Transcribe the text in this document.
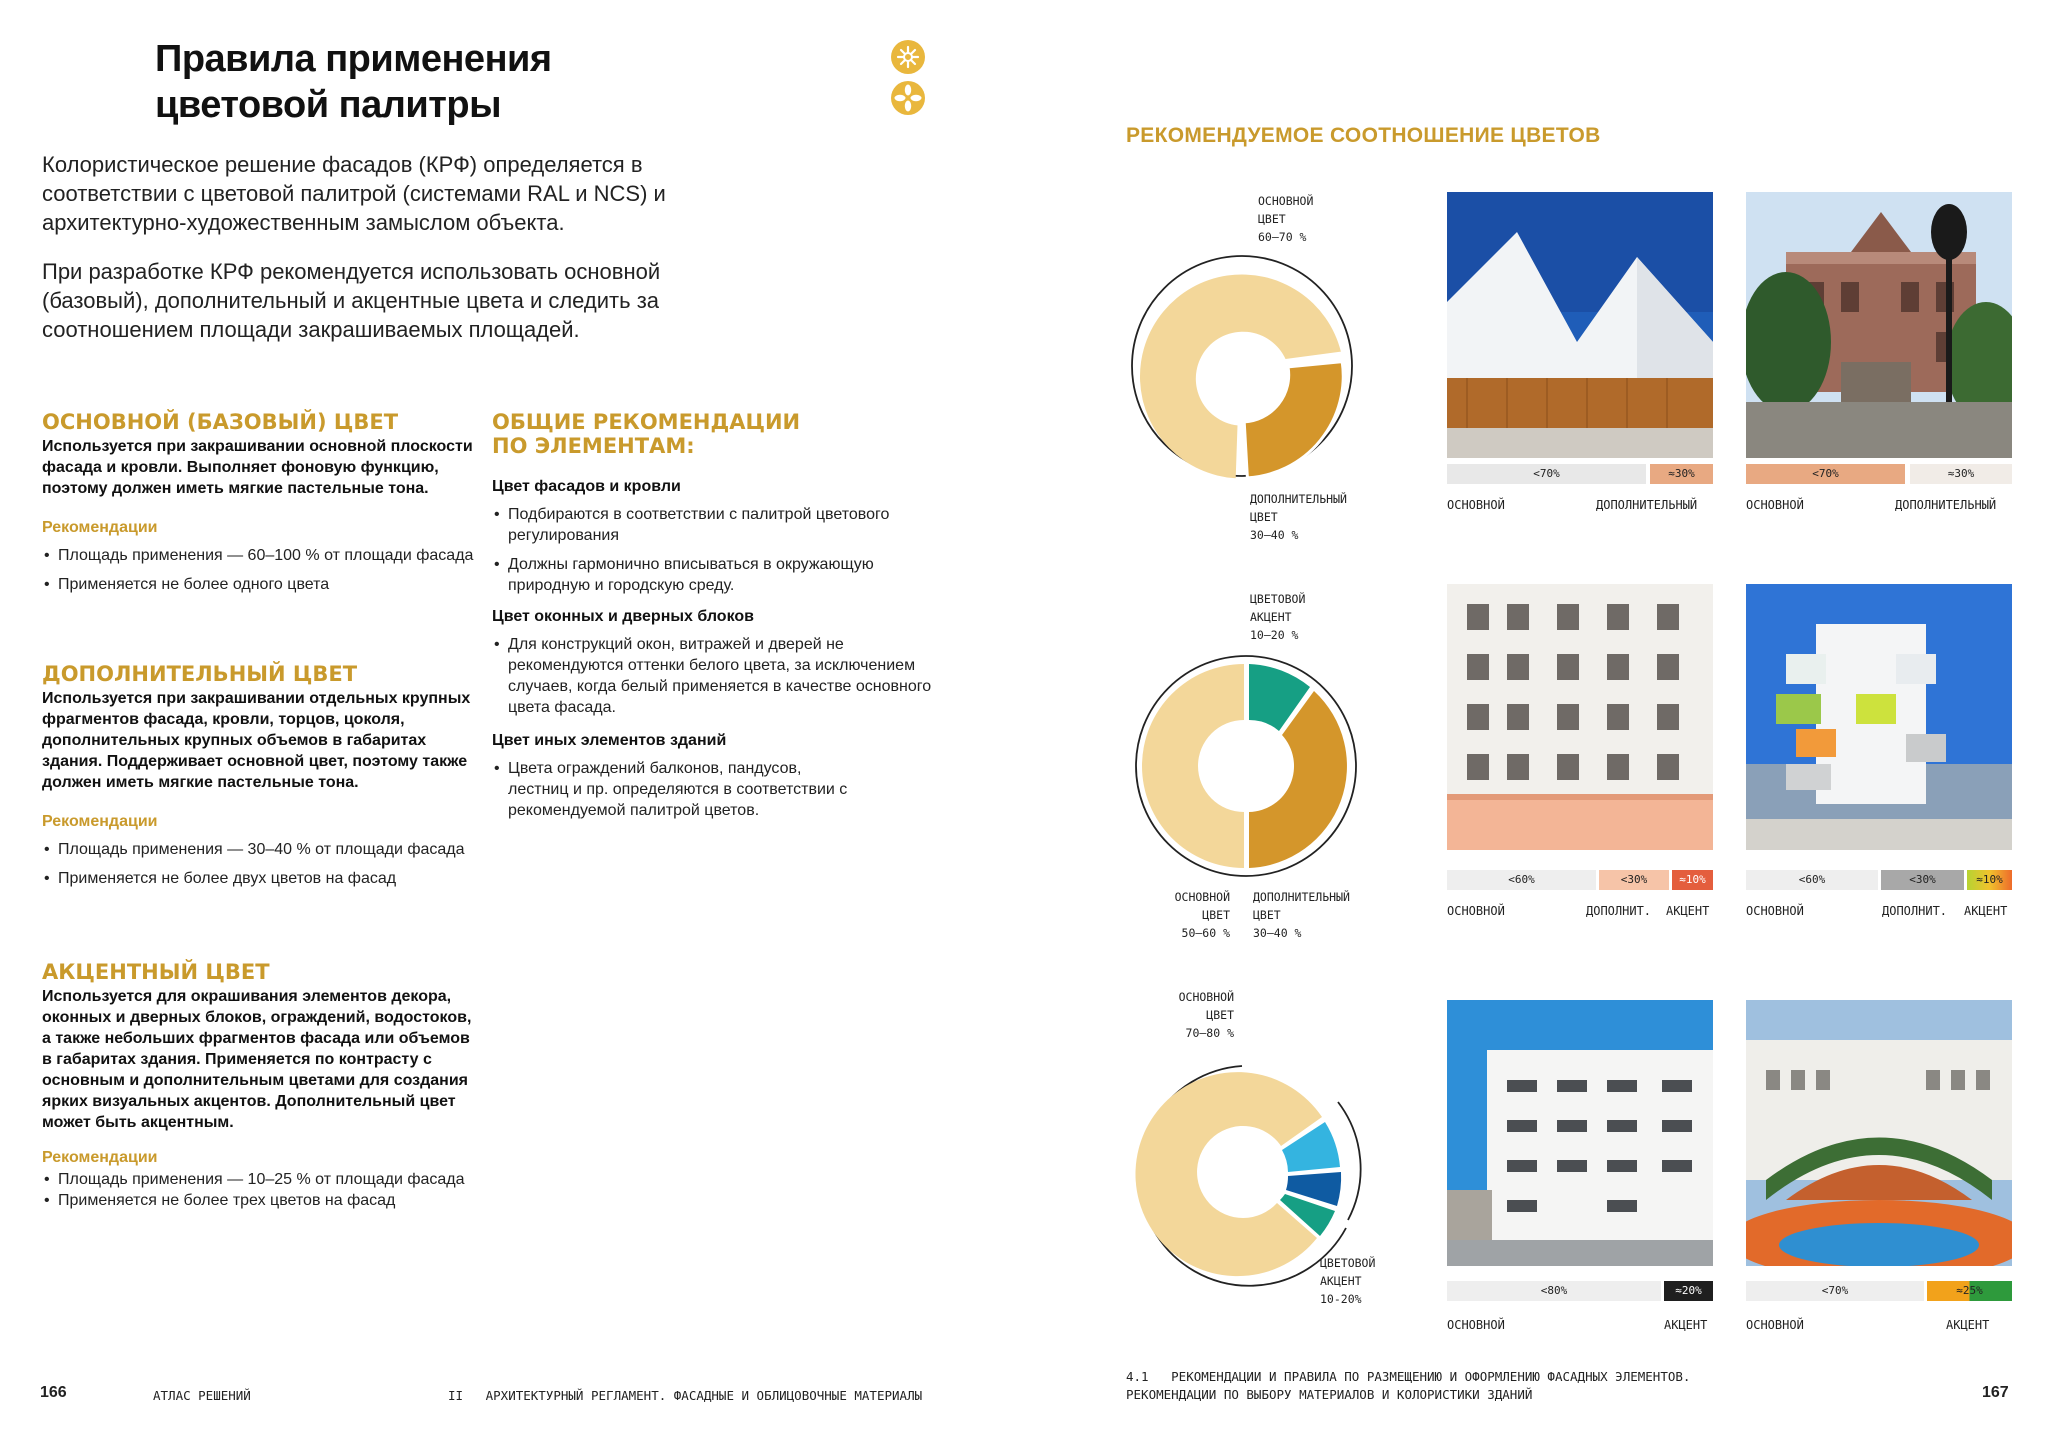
Правила применения
цветовой палитры
Колористическое решение фасадов (КРФ) определяется в соответствии с цветовой палитрой (системами RAL и NCS) и архитектурно-художественным замыслом объекта.
При разработке КРФ рекомендуется использовать основной (базовый), дополнительный и акцентные цвета и следить за соотношением площади закрашиваемых площадей.
ОСНОВНОЙ (БАЗОВЫЙ) ЦВЕТ
Используется при закрашивании основной плоскости фасада и кровли. Выполняет фоновую функцию, поэтому должен иметь мягкие пастельные тона.
Рекомендации
• Площадь применения — 60–100 % от площади фасада
• Применяется не более одного цвета
ДОПОЛНИТЕЛЬНЫЙ ЦВЕТ
Используется при закрашивании отдельных крупных фрагментов фасада, кровли, торцов, цоколя, дополнительных крупных объемов в габаритах здания. Поддерживает основной цвет, поэтому также должен иметь мягкие пастельные тона.
Рекомендации
• Площадь применения — 30–40 % от площади фасада
• Применяется не более двух цветов на фасад
АКЦЕНТНЫЙ ЦВЕТ
Используется для окрашивания элементов декора, оконных и дверных блоков, ограждений, водостоков, а также небольших фрагментов фасада или объемов в габаритах здания. Применяется по контрасту с основным и дополнительным цветами для создания ярких визуальных акцентов. Дополнительный цвет может быть акцентным.
Рекомендации
• Площадь применения — 10–25 % от площади фасада
• Применяется не более трех цветов на фасад
ОБЩИЕ РЕКОМЕНДАЦИИ
ПО ЭЛЕМЕНТАМ:
Цвет фасадов и кровли
• Подбираются в соответствии с палитрой цветового регулирования
• Должны гармонично вписываться в окружающую природную и городскую среду.
Цвет оконных и дверных блоков
• Для конструкций окон, витражей и дверей не рекомендуются оттенки белого цвета, за исключением случаев, когда белый применяется в качестве основного цвета фасада.
Цвет иных элементов зданий
• Цвета ограждений балконов, пандусов, лестниц и пр. определяются в соответствии с рекомендуемой палитрой цветов.
166	АТЛАС РЕШЕНИЙ	II   АРХИТЕКТУРНЫЙ РЕГЛАМЕНТ. ФАСАДНЫЕ И ОБЛИЦОВОЧНЫЕ МАТЕРИАЛЫ
РЕКОМЕНДУЕМОЕ СООТНОШЕНИЕ ЦВЕТОВ
ОСНОВНОЙ
ЦВЕТ
60–70 %
ДОПОЛНИТЕЛЬНЫЙ
ЦВЕТ
30–40 %
ЦВЕТОВОЙ
АКЦЕНТ
10–20 %
ОСНОВНОЙ
ЦВЕТ
50–60 %
ДОПОЛНИТЕЛЬНЫЙ
ЦВЕТ
30–40 %
ОСНОВНОЙ
ЦВЕТ
70–80 %
ЦВЕТОВОЙ
АКЦЕНТ
10-20%
<70%	≈30%
ОСНОВНОЙ	ДОПОЛНИТЕЛЬНЫЙ
<70%	≈30%
ОСНОВНОЙ	ДОПОЛНИТЕЛЬНЫЙ
<60%	<30%	≈10%
ОСНОВНОЙ	ДОПОЛНИТ. АКЦЕНТ
<60%	<30%	≈10%
ОСНОВНОЙ	ДОПОЛНИТ. АКЦЕНТ
<80%	≈20%
ОСНОВНОЙ	АКЦЕНТ
<70%	≈25%
ОСНОВНОЙ	АКЦЕНТ
4.1   РЕКОМЕНДАЦИИ И ПРАВИЛА ПО РАЗМЕЩЕНИЮ И ОФОРМЛЕНИЮ ФАСАДНЫХ ЭЛЕМЕНТОВ.
РЕКОМЕНДАЦИИ ПО ВЫБОРУ МАТЕРИАЛОВ И КОЛОРИСТИКИ ЗДАНИЙ	167
